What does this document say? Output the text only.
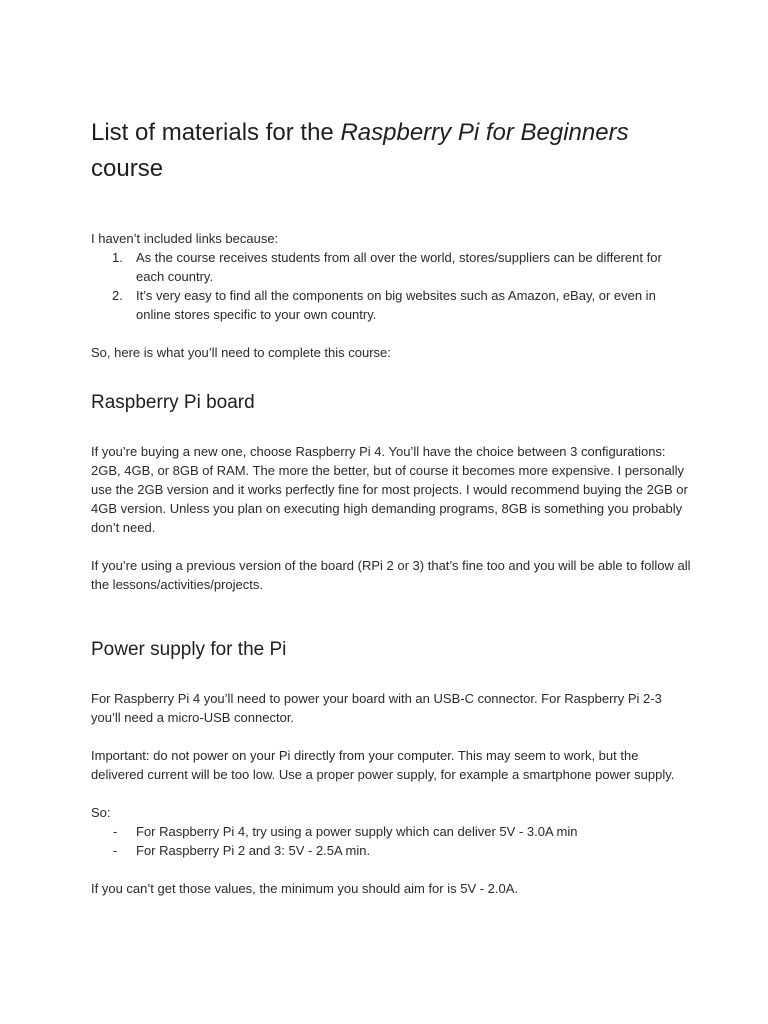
List of materials for the Raspberry Pi for Beginners
course

I haven’t included links because:

1. As the course receives students from all over the world, stores/suppliers can be different for each country.
2. It’s very easy to find all the components on big websites such as Amazon, eBay, or even in online stores specific to your own country.

So, here is what you’ll need to complete this course:

Raspberry Pi board

If you’re buying a new one, choose Raspberry Pi 4. You’ll have the choice between 3 configurations: 2GB, 4GB, or 8GB of RAM. The more the better, but of course it becomes more expensive. I personally use the 2GB version and it works perfectly fine for most projects. I would recommend buying the 2GB or 4GB version. Unless you plan on executing high demanding programs, 8GB is something you probably don’t need.

If you’re using a previous version of the board (RPi 2 or 3) that’s fine too and you will be able to follow all the lessons/activities/projects.

Power supply for the Pi

For Raspberry Pi 4 you’ll need to power your board with an USB-C connector. For Raspberry Pi 2-3 you’ll need a micro-USB connector.

Important: do not power on your Pi directly from your computer. This may seem to work, but the delivered current will be too low. Use a proper power supply, for example a smartphone power supply.

So:

- For Raspberry Pi 4, try using a power supply which can deliver 5V - 3.0A min
- For Raspberry Pi 2 and 3: 5V - 2.5A min.

If you can’t get those values, the minimum you should aim for is 5V - 2.0A.
